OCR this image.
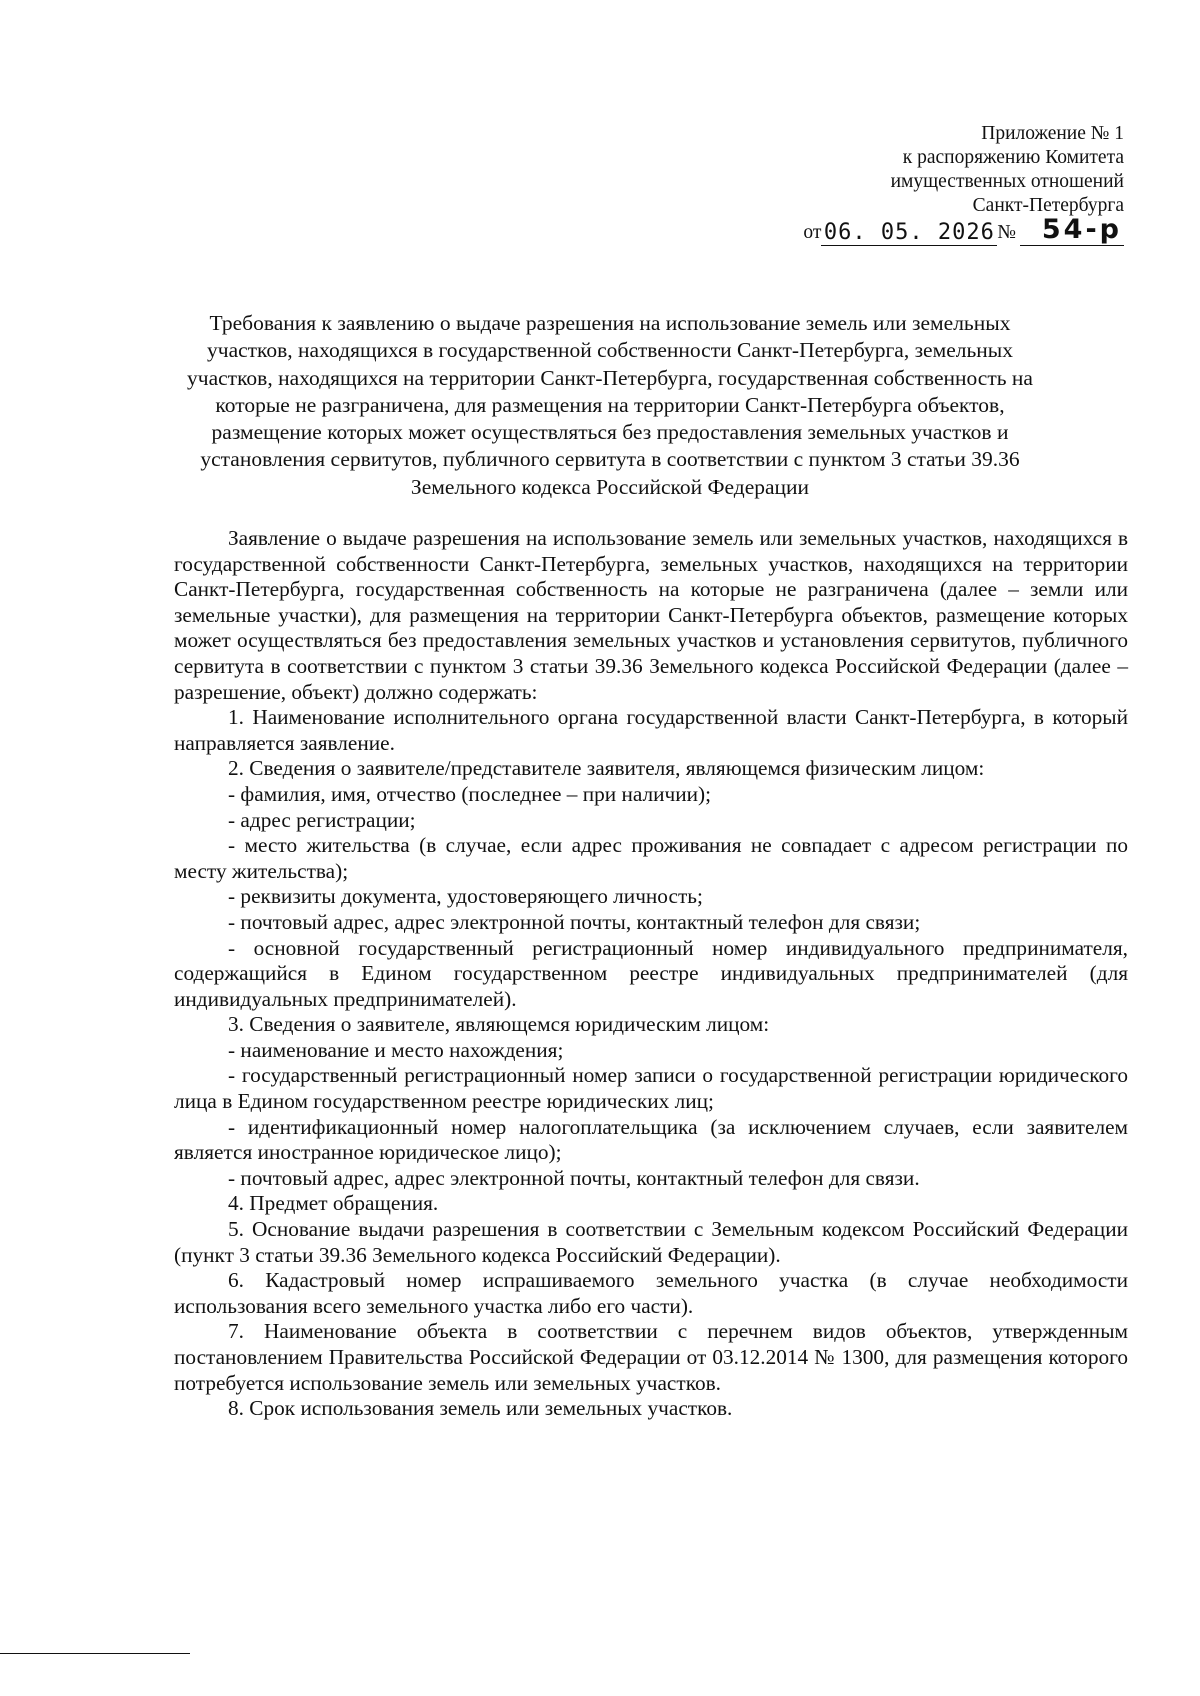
Приложение № 1
к распоряжению Комитета
имущественных отношений
Санкт-Петербурга
от 06. 05. 2026 № 54-р
Требования к заявлению о выдаче разрешения на использование земель или земельных участков, находящихся в государственной собственности Санкт-Петербурга, земельных участков, находящихся на территории Санкт-Петербурга, государственная собственность на которые не разграничена, для размещения на территории Санкт-Петербурга объектов, размещение которых может осуществляться без предоставления земельных участков и установления сервитутов, публичного сервитута в соответствии с пунктом 3 статьи 39.36 Земельного кодекса Российской Федерации

Заявление о выдаче разрешения на использование земель или земельных участков, находящихся в государственной собственности Санкт-Петербурга, земельных участков, находящихся на территории Санкт-Петербурга, государственная собственность на которые не разграничена (далее – земли или земельные участки), для размещения на территории Санкт-Петербурга объектов, размещение которых может осуществляться без предоставления земельных участков и установления сервитутов, публичного сервитута в соответствии с пунктом 3 статьи 39.36 Земельного кодекса Российской Федерации (далее – разрешение, объект) должно содержать:

1. Наименование исполнительного органа государственной власти Санкт-Петербурга, в который направляется заявление.

2. Сведения о заявителе/представителе заявителя, являющемся физическим лицом:

- фамилия, имя, отчество (последнее – при наличии);

- адрес регистрации;

- место жительства (в случае, если адрес проживания не совпадает с адресом регистрации по месту жительства);

- реквизиты документа, удостоверяющего личность;

- почтовый адрес, адрес электронной почты, контактный телефон для связи;

- основной государственный регистрационный номер индивидуального предпринимателя, содержащийся в Едином государственном реестре индивидуальных предпринимателей (для индивидуальных предпринимателей).

3. Сведения о заявителе, являющемся юридическим лицом:

- наименование и место нахождения;

- государственный регистрационный номер записи о государственной регистрации юридического лица в Едином государственном реестре юридических лиц;

- идентификационный номер налогоплательщика (за исключением случаев, если заявителем является иностранное юридическое лицо);

- почтовый адрес, адрес электронной почты, контактный телефон для связи.

4. Предмет обращения.

5. Основание выдачи разрешения в соответствии с Земельным кодексом Российский Федерации (пункт 3 статьи 39.36 Земельного кодекса Российский Федерации).

6. Кадастровый номер испрашиваемого земельного участка (в случае необходимости использования всего земельного участка либо его части).

7. Наименование объекта в соответствии с перечнем видов объектов, утвержденным постановлением Правительства Российской Федерации от 03.12.2014 № 1300, для размещения которого потребуется использование земель или земельных участков.

8. Срок использования земель или земельных участков.
